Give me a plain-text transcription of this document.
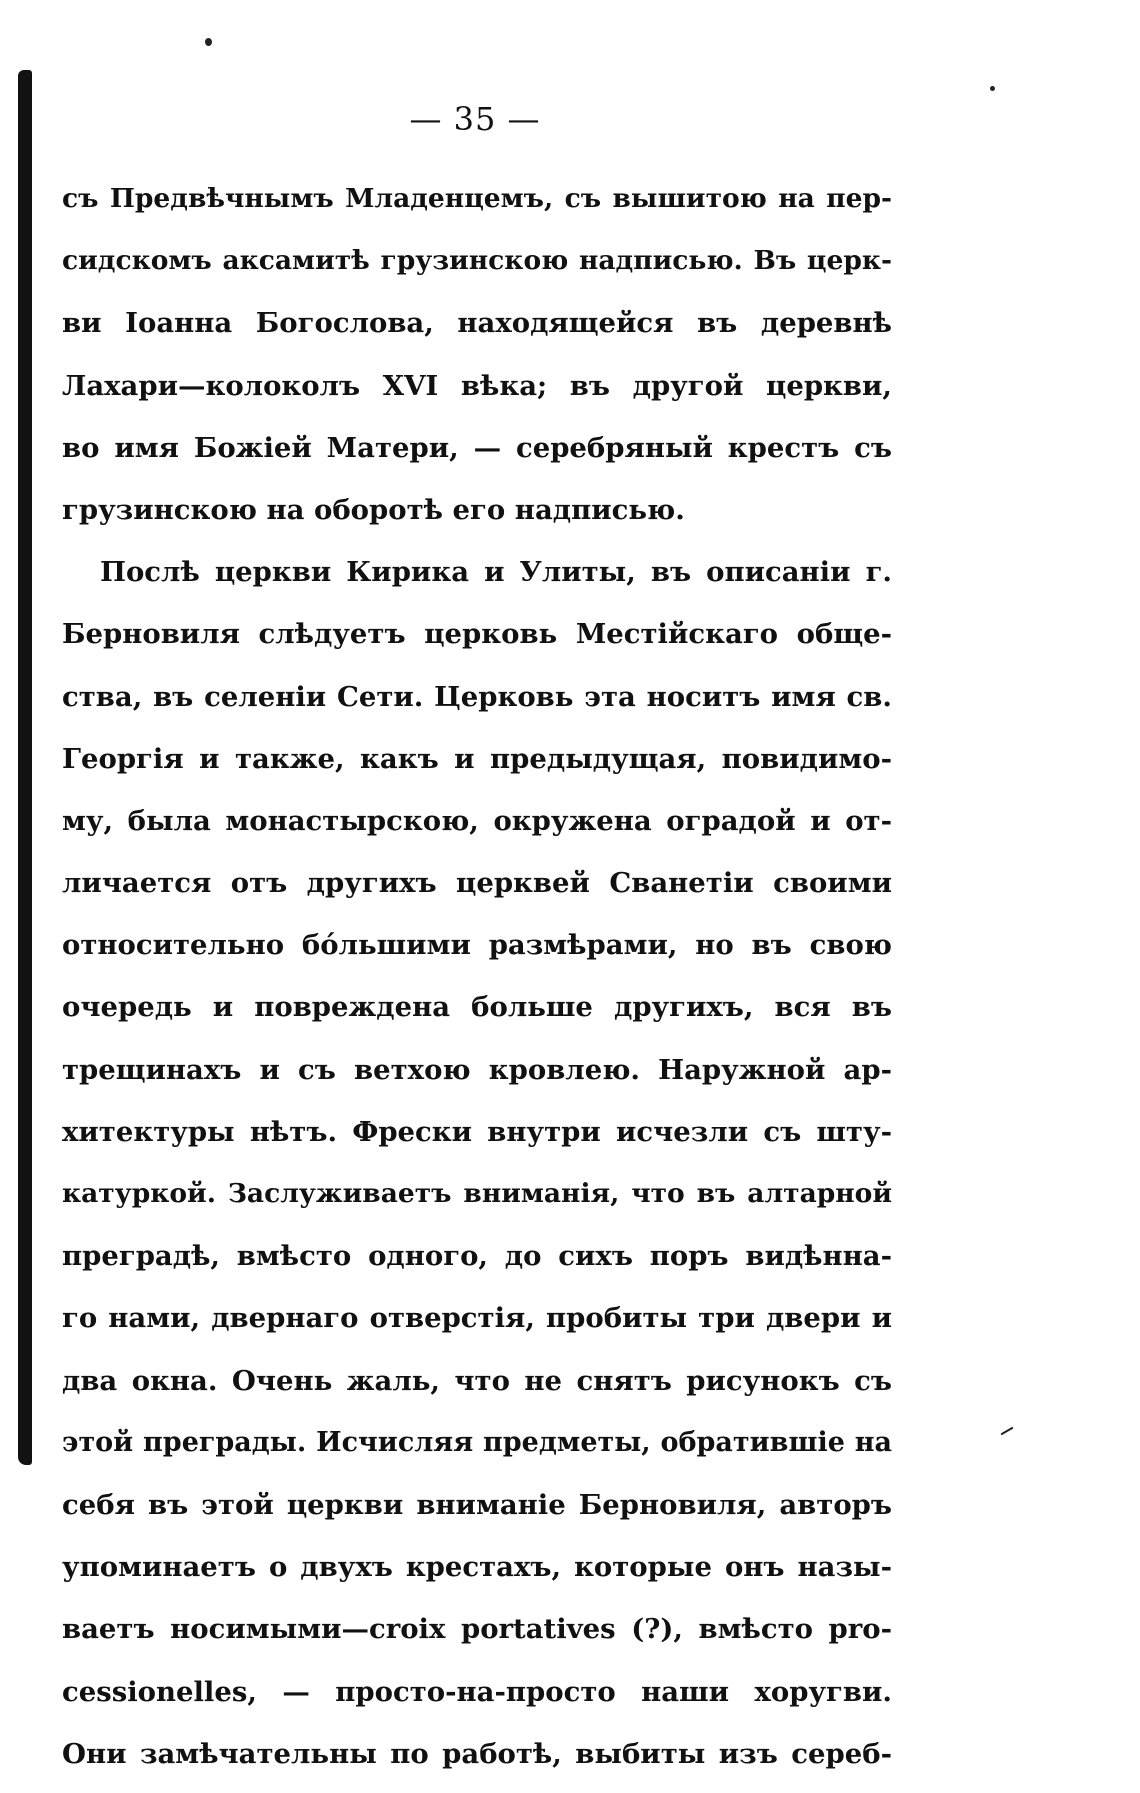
— 35 —
съ Предвѣчнымъ Младенцемъ, съ вышитою на пер-
сидскомъ аксамитѣ грузинскою надписью. Въ церк-
ви Іоанна Богослова, находящейся въ деревнѣ
Лахари—колоколъ XVI вѣка; въ другой церкви,
во имя Божіей Матери, — серебряный крестъ съ
грузинскою на оборотѣ его надписью.
Послѣ церкви Кирика и Улиты, въ описаніи г.
Берновиля слѣдуетъ церковь Местійскаго обще-
ства, въ селеніи Сети. Церковь эта носитъ имя св.
Георгія и также, какъ и предыдущая, повидимо-
му, была монастырскою, окружена оградой и от-
личается отъ другихъ церквей Сванетіи своими
относительно бóльшими размѣрами, но въ свою
очередь и повреждена больше другихъ, вся въ
трещинахъ и съ ветхою кровлею. Наружной ар-
хитектуры нѣтъ. Фрески внутри исчезли съ шту-
катуркой. Заслуживаетъ вниманія, что въ алтарной
преградѣ, вмѣсто одного, до сихъ поръ видѣнна-
го нами, двернаго отверстія, пробиты три двери и
два окна. Очень жаль, что не снятъ рисунокъ съ
этой преграды. Исчисляя предметы, обратившіе на
себя въ этой церкви вниманіе Берновиля, авторъ
упоминаетъ о двухъ крестахъ, которые онъ назы-
ваетъ носимыми—croix portatives (?), вмѣсто pro-
cessionelles, — просто-на-просто наши хоругви.
Они замѣчательны по работѣ, выбиты изъ сереб-
